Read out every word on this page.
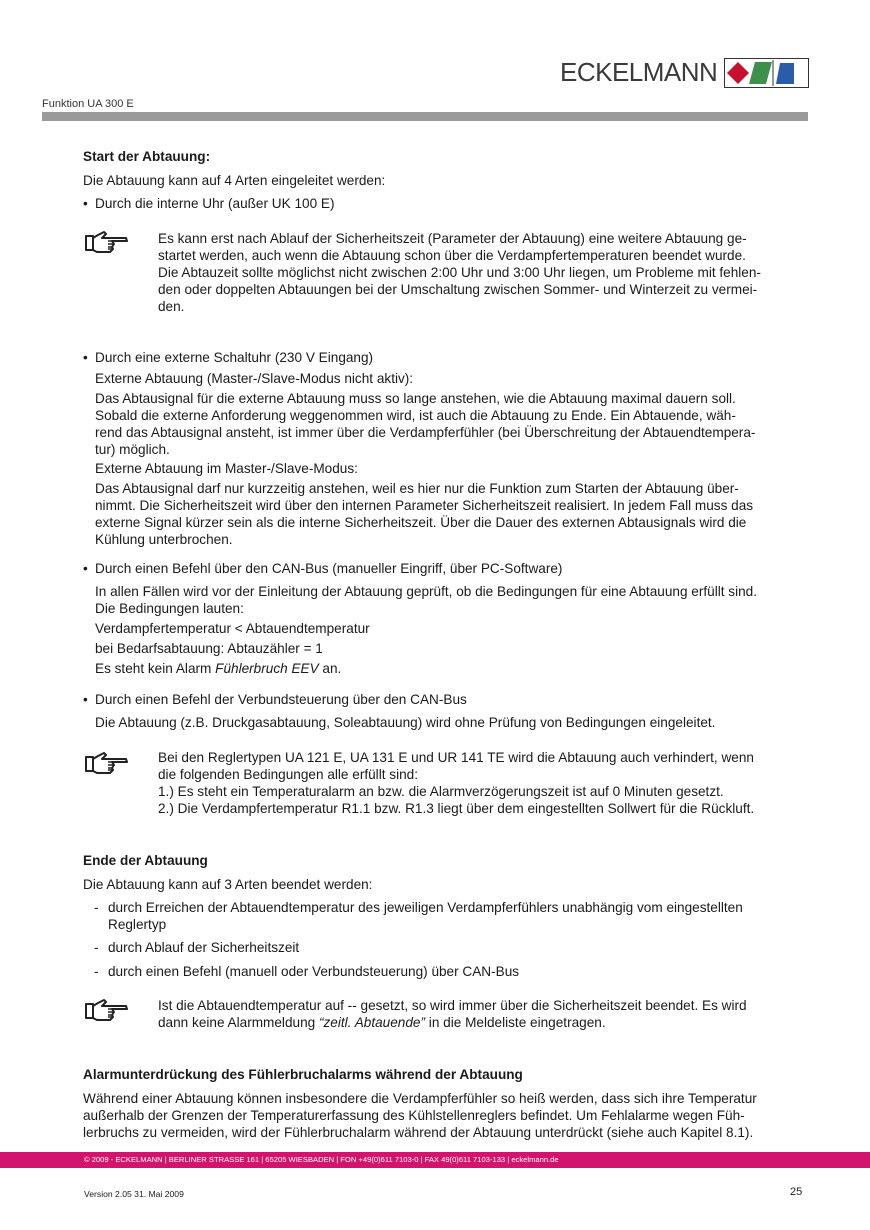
ECKELMANN
Funktion UA 300 E
Start der Abtauung:
Die Abtauung kann auf 4 Arten eingeleitet werden:
• Durch die interne Uhr (außer UK 100 E)
Es kann erst nach Ablauf der Sicherheitszeit (Parameter der Abtauung) eine weitere Abtauung ge-
startet werden, auch wenn die Abtauung schon über die Verdampfertemperaturen beendet wurde.
Die Abtauzeit sollte möglichst nicht zwischen 2:00 Uhr und 3:00 Uhr liegen, um Probleme mit fehlen-
den oder doppelten Abtauungen bei der Umschaltung zwischen Sommer- und Winterzeit zu vermei-
den.
• Durch eine externe Schaltuhr (230 V Eingang)
Externe Abtauung (Master-/Slave-Modus nicht aktiv):
Das Abtausignal für die externe Abtauung muss so lange anstehen, wie die Abtauung maximal dauern soll.
Sobald die externe Anforderung weggenommen wird, ist auch die Abtauung zu Ende. Ein Abtauende, wäh-
rend das Abtausignal ansteht, ist immer über die Verdampferfühler (bei Überschreitung der Abtauendtempera-
tur) möglich.
Externe Abtauung im Master-/Slave-Modus:
Das Abtausignal darf nur kurzzeitig anstehen, weil es hier nur die Funktion zum Starten der Abtauung über-
nimmt. Die Sicherheitszeit wird über den internen Parameter Sicherheitszeit realisiert. In jedem Fall muss das
externe Signal kürzer sein als die interne Sicherheitszeit. Über die Dauer des externen Abtausignals wird die
Kühlung unterbrochen.
• Durch einen Befehl über den CAN-Bus (manueller Eingriff, über PC-Software)
In allen Fällen wird vor der Einleitung der Abtauung geprüft, ob die Bedingungen für eine Abtauung erfüllt sind.
Die Bedingungen lauten:
Verdampfertemperatur < Abtauendtemperatur
bei Bedarfsabtauung: Abtauzähler = 1
Es steht kein Alarm Fühlerbruch EEV an.
• Durch einen Befehl der Verbundsteuerung über den CAN-Bus
Die Abtauung (z.B. Druckgasabtauung, Soleabtauung) wird ohne Prüfung von Bedingungen eingeleitet.
Bei den Reglertypen UA 121 E, UA 131 E und UR 141 TE wird die Abtauung auch verhindert, wenn
die folgenden Bedingungen alle erfüllt sind:
1.) Es steht ein Temperaturalarm an bzw. die Alarmverzögerungszeit ist auf 0 Minuten gesetzt.
2.) Die Verdampfertemperatur R1.1 bzw. R1.3 liegt über dem eingestellten Sollwert für die Rückluft.
Ende der Abtauung
Die Abtauung kann auf 3 Arten beendet werden:
- durch Erreichen der Abtauendtemperatur des jeweiligen Verdampferfühlers unabhängig vom eingestellten
Reglertyp
- durch Ablauf der Sicherheitszeit
- durch einen Befehl (manuell oder Verbundsteuerung) über CAN-Bus
Ist die Abtauendtemperatur auf -- gesetzt, so wird immer über die Sicherheitszeit beendet. Es wird
dann keine Alarmmeldung “zeitl. Abtauende” in die Meldeliste eingetragen.
Alarmunterdrückung des Fühlerbruchalarms während der Abtauung
Während einer Abtauung können insbesondere die Verdampferfühler so heiß werden, dass sich ihre Temperatur
außerhalb der Grenzen der Temperaturerfassung des Kühlstellenreglers befindet. Um Fehlalarme wegen Füh-
lerbruchs zu vermeiden, wird der Fühlerbruchalarm während der Abtauung unterdrückt (siehe auch Kapitel 8.1).
© 2009 - ECKELMANN | BERLINER STRASSE 161 | 65205 WIESBADEN | FON +49(0)611 7103-0 | FAX 49(0)611 7103-133 | eckelmann.de
Version 2.05 31. Mai 2009	25
